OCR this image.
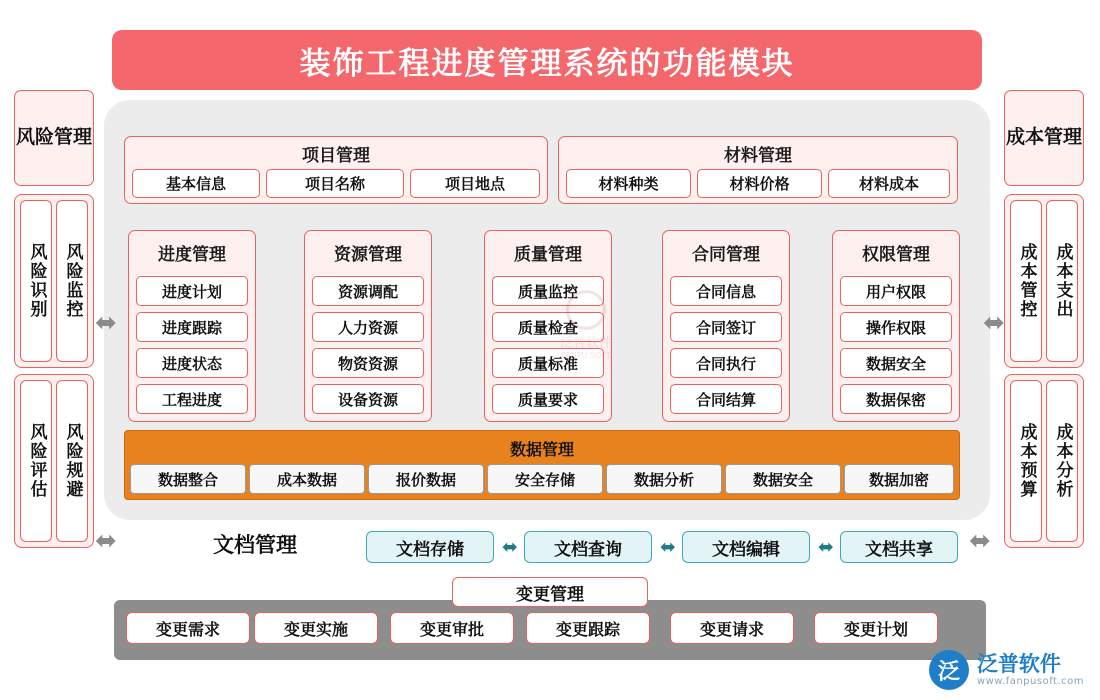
装饰工程进度管理系统的功能模块
风险 管理
风险识别 风险监控
风险评估 风险规避
⬌
⬌
成本 管理
成本管控 成本支出
成本预算 成本分析
⬌
⬌
项目管理
基本信息	项目名称	项目地点
材料管理
材料种类	材料价格	材料成本
进度管理
进度计划
进度跟踪
进度状态
工程进度
资源管理
资源调配
人力资源
物资资源
设备资源
质量管理
质量监控
质量检查
质量标准
质量要求
合同管理
合同信息
合同签订
合同执行
合同结算
权限管理
用户权限
操作权限
数据安全
数据保密
数据管理
数据整合	成本数据	报价数据	安全存储	数据分析	数据安全	数据加密
文档管理	文档存储	⬌	文档查询	⬌	文档编辑	⬌	文档共享
变更管理
变更需求	变更实施	变更审批	变更跟踪	变更请求	变更计划
泛 泛普软件
www.fanpusoft.com
